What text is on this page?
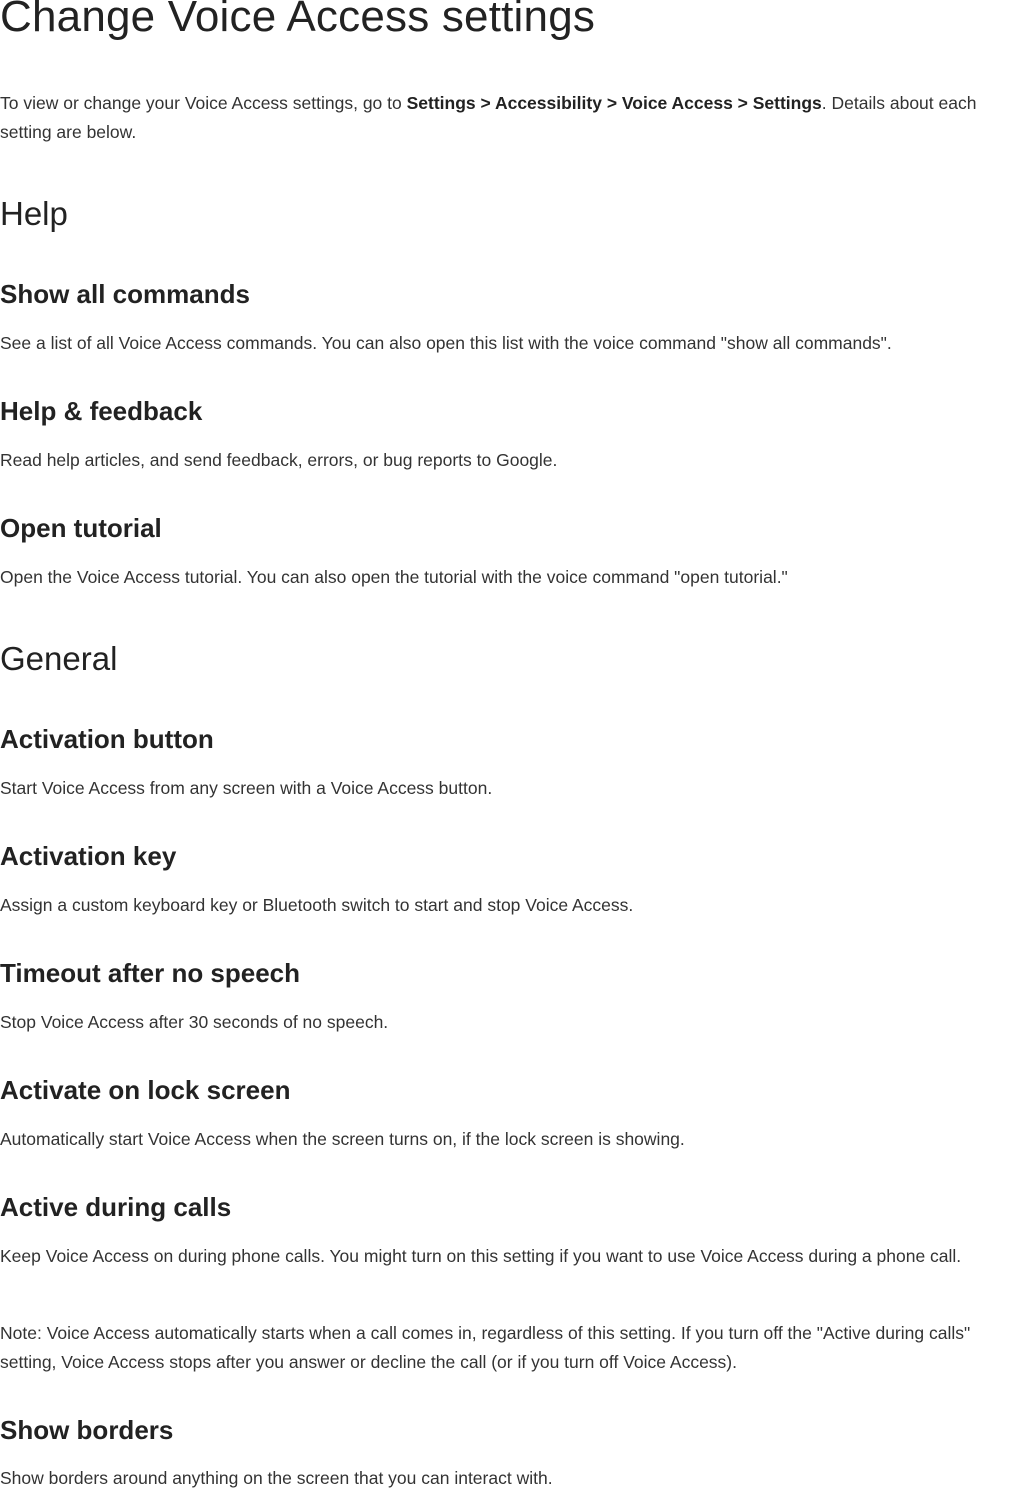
Change Voice Access settings

To view or change your Voice Access settings, go to Settings > Accessibility > Voice Access > Settings. Details about each setting are below.

Help
Show all commands

See a list of all Voice Access commands. You can also open this list with the voice command "show all commands".

Help & feedback

Read help articles, and send feedback, errors, or bug reports to Google.

Open tutorial

Open the Voice Access tutorial. You can also open the tutorial with the voice command "open tutorial."

General
Activation button

Start Voice Access from any screen with a Voice Access button.

Activation key

Assign a custom keyboard key or Bluetooth switch to start and stop Voice Access.

Timeout after no speech

Stop Voice Access after 30 seconds of no speech.

Activate on lock screen

Automatically start Voice Access when the screen turns on, if the lock screen is showing.

Active during calls

Keep Voice Access on during phone calls. You might turn on this setting if you want to use Voice Access during a phone call.

Note: Voice Access automatically starts when a call comes in, regardless of this setting. If you turn off the "Active during calls" setting, Voice Access stops after you answer or decline the call (or if you turn off Voice Access).

Show borders

Show borders around anything on the screen that you can interact with.
